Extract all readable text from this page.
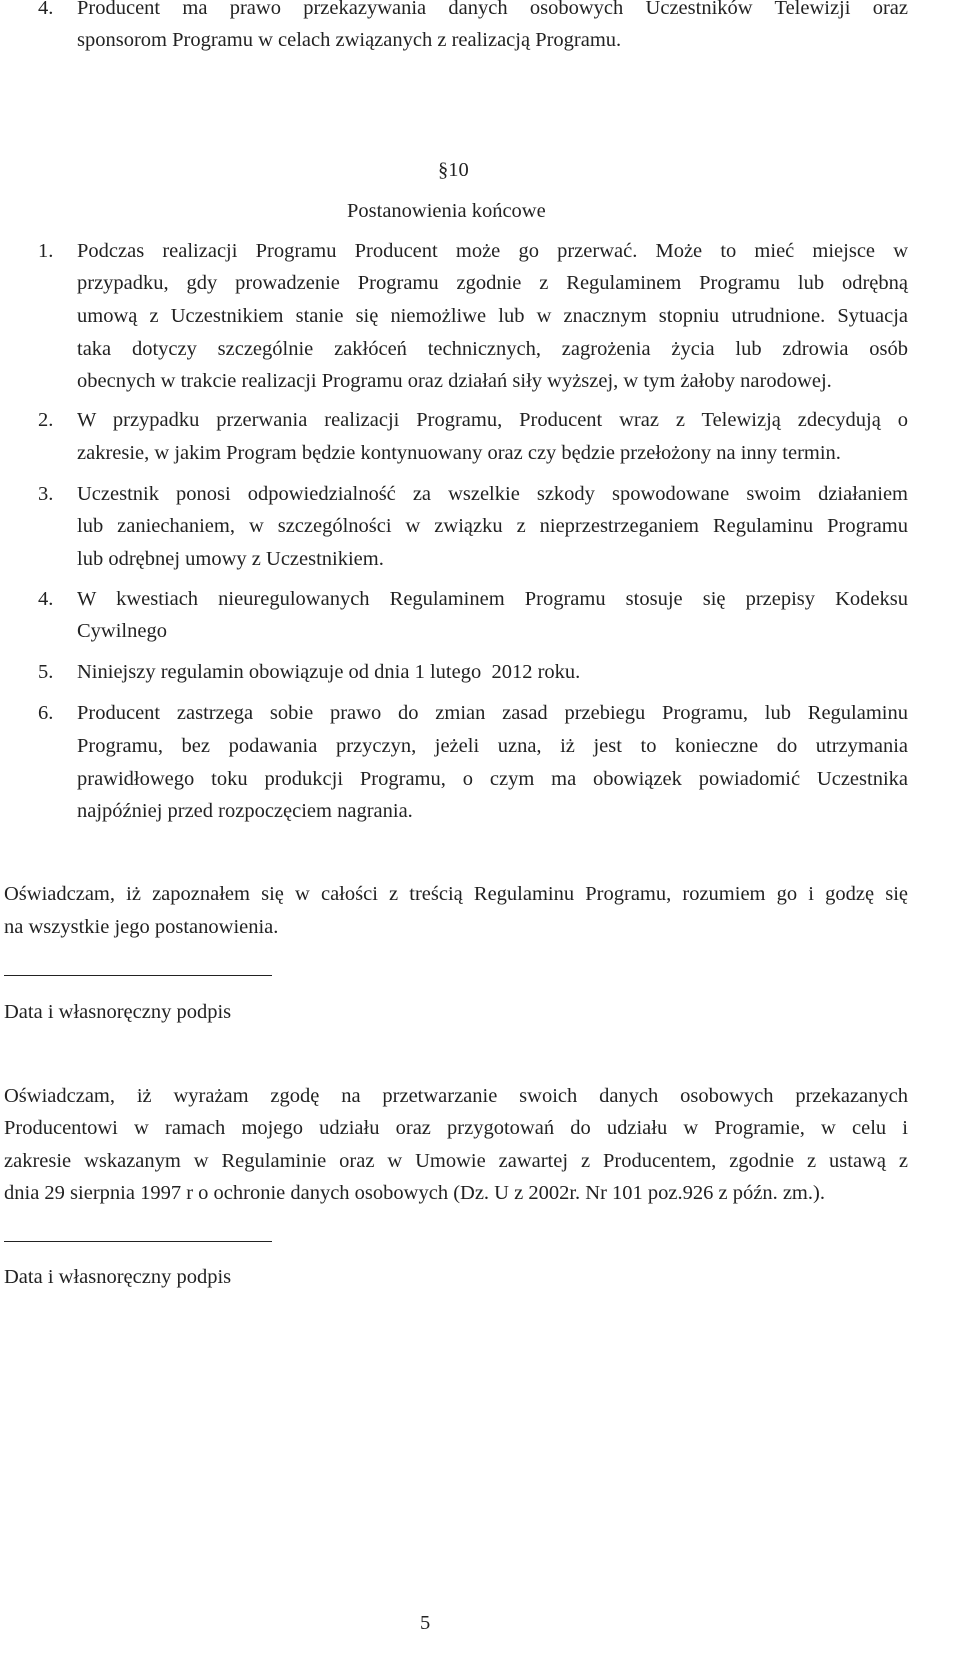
4. Producent ma prawo przekazywania danych osobowych Uczestników Telewizji oraz
sponsorom Programu w celach związanych z realizacją Programu.
§10
Postanowienia końcowe
1. Podczas realizacji Programu Producent może go przerwać. Może to mieć miejsce w
przypadku, gdy prowadzenie Programu zgodnie z Regulaminem Programu lub odrębną
umową z Uczestnikiem stanie się niemożliwe lub w znacznym stopniu utrudnione. Sytuacja
taka dotyczy szczególnie zakłóceń technicznych, zagrożenia życia lub zdrowia osób
obecnych w trakcie realizacji Programu oraz działań siły wyższej, w tym żałoby narodowej.
2. W przypadku przerwania realizacji Programu, Producent wraz z Telewizją zdecydują o
zakresie, w jakim Program będzie kontynuowany oraz czy będzie przełożony na inny termin.
3. Uczestnik ponosi odpowiedzialność za wszelkie szkody spowodowane swoim działaniem
lub zaniechaniem, w szczególności w związku z nieprzestrzeganiem Regulaminu Programu
lub odrębnej umowy z Uczestnikiem.
4. W kwestiach nieuregulowanych Regulaminem Programu stosuje się przepisy Kodeksu
Cywilnego
5. Niniejszy regulamin obowiązuje od dnia 1 lutego  2012 roku.
6. Producent zastrzega sobie prawo do zmian zasad przebiegu Programu, lub Regulaminu
Programu, bez podawania przyczyn, jeżeli uzna, iż jest to konieczne do utrzymania
prawidłowego toku produkcji Programu, o czym ma obowiązek powiadomić Uczestnika
najpóźniej przed rozpoczęciem nagrania.
Oświadczam, iż zapoznałem się w całości z treścią Regulaminu Programu, rozumiem go i godzę się
na wszystkie jego postanowienia.
Data i własnoręczny podpis
Oświadczam, iż wyrażam zgodę na przetwarzanie swoich danych osobowych przekazanych
Producentowi w ramach mojego udziału oraz przygotowań do udziału w Programie, w celu i
zakresie wskazanym w Regulaminie oraz w Umowie zawartej z Producentem, zgodnie z ustawą z
dnia 29 sierpnia 1997 r o ochronie danych osobowych (Dz. U z 2002r. Nr 101 poz.926 z późn. zm.).
Data i własnoręczny podpis
5
